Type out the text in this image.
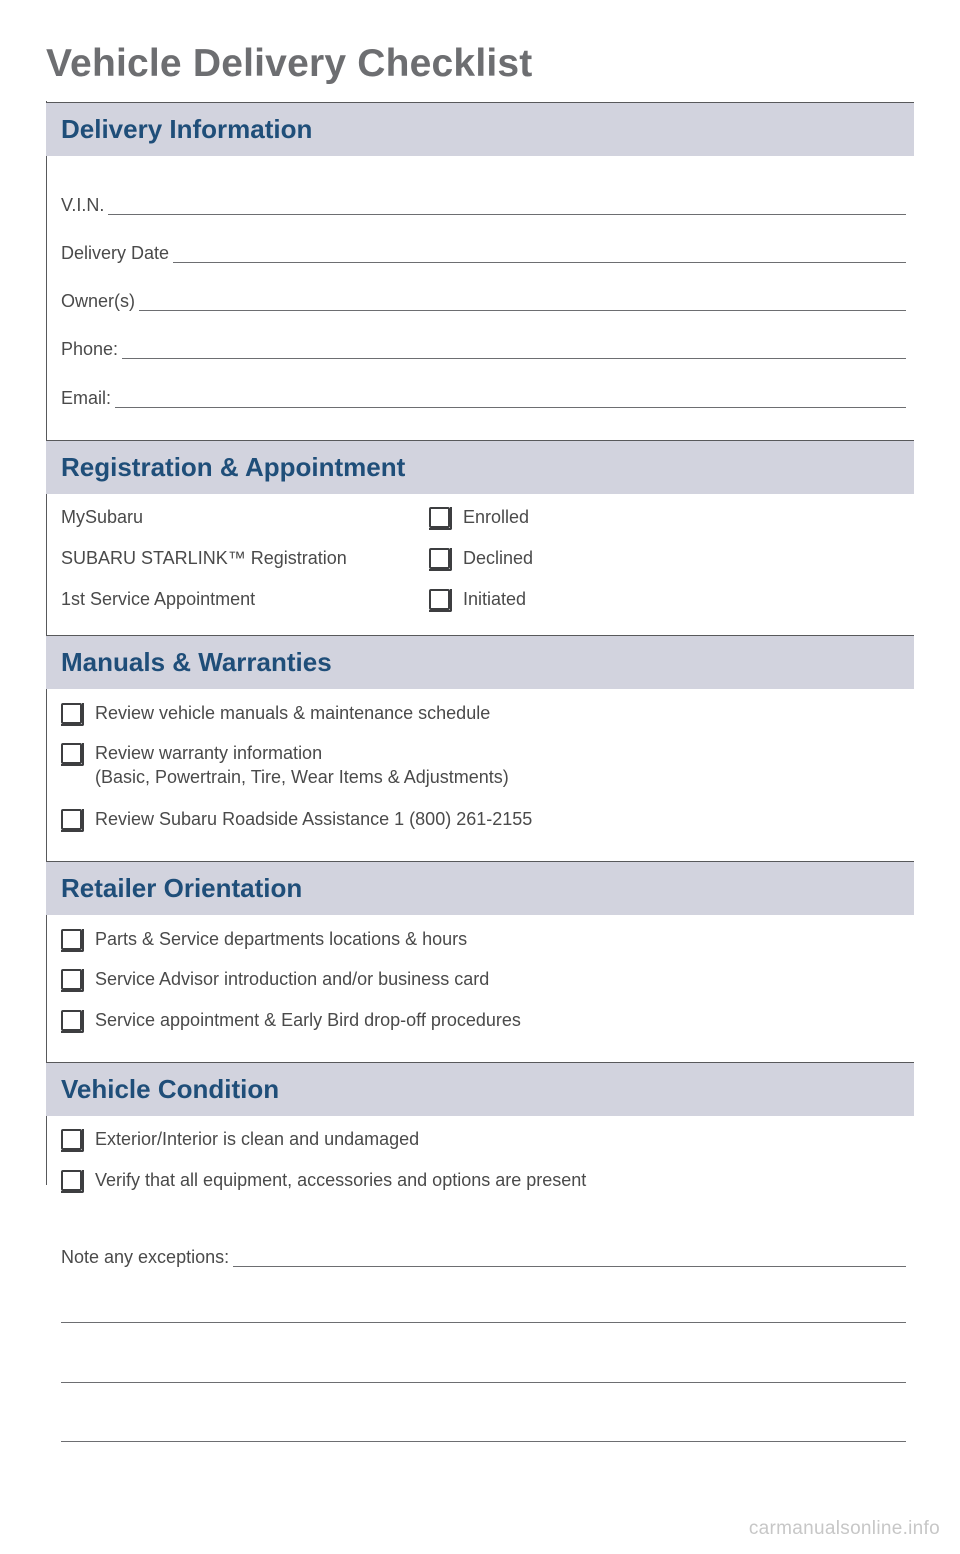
Vehicle Delivery Checklist
Delivery Information
V.I.N.
Delivery Date
Owner(s)
Phone:
Email:
Registration & Appointment
MySubaru
SUBARU STARLINK™ Registration
1st Service Appointment
Enrolled
Declined
Initiated
Manuals & Warranties
Review vehicle manuals & maintenance schedule
Review warranty information
(Basic, Powertrain, Tire, Wear Items & Adjustments)
Review Subaru Roadside Assistance 1 (800) 261-2155
Retailer Orientation
Parts & Service departments locations & hours
Service Advisor introduction and/or business card
Service appointment & Early Bird drop-off procedures
Vehicle Condition
Exterior/Interior is clean and undamaged
Verify that all equipment, accessories and options are present
Note any exceptions:
carmanualsonline.info
